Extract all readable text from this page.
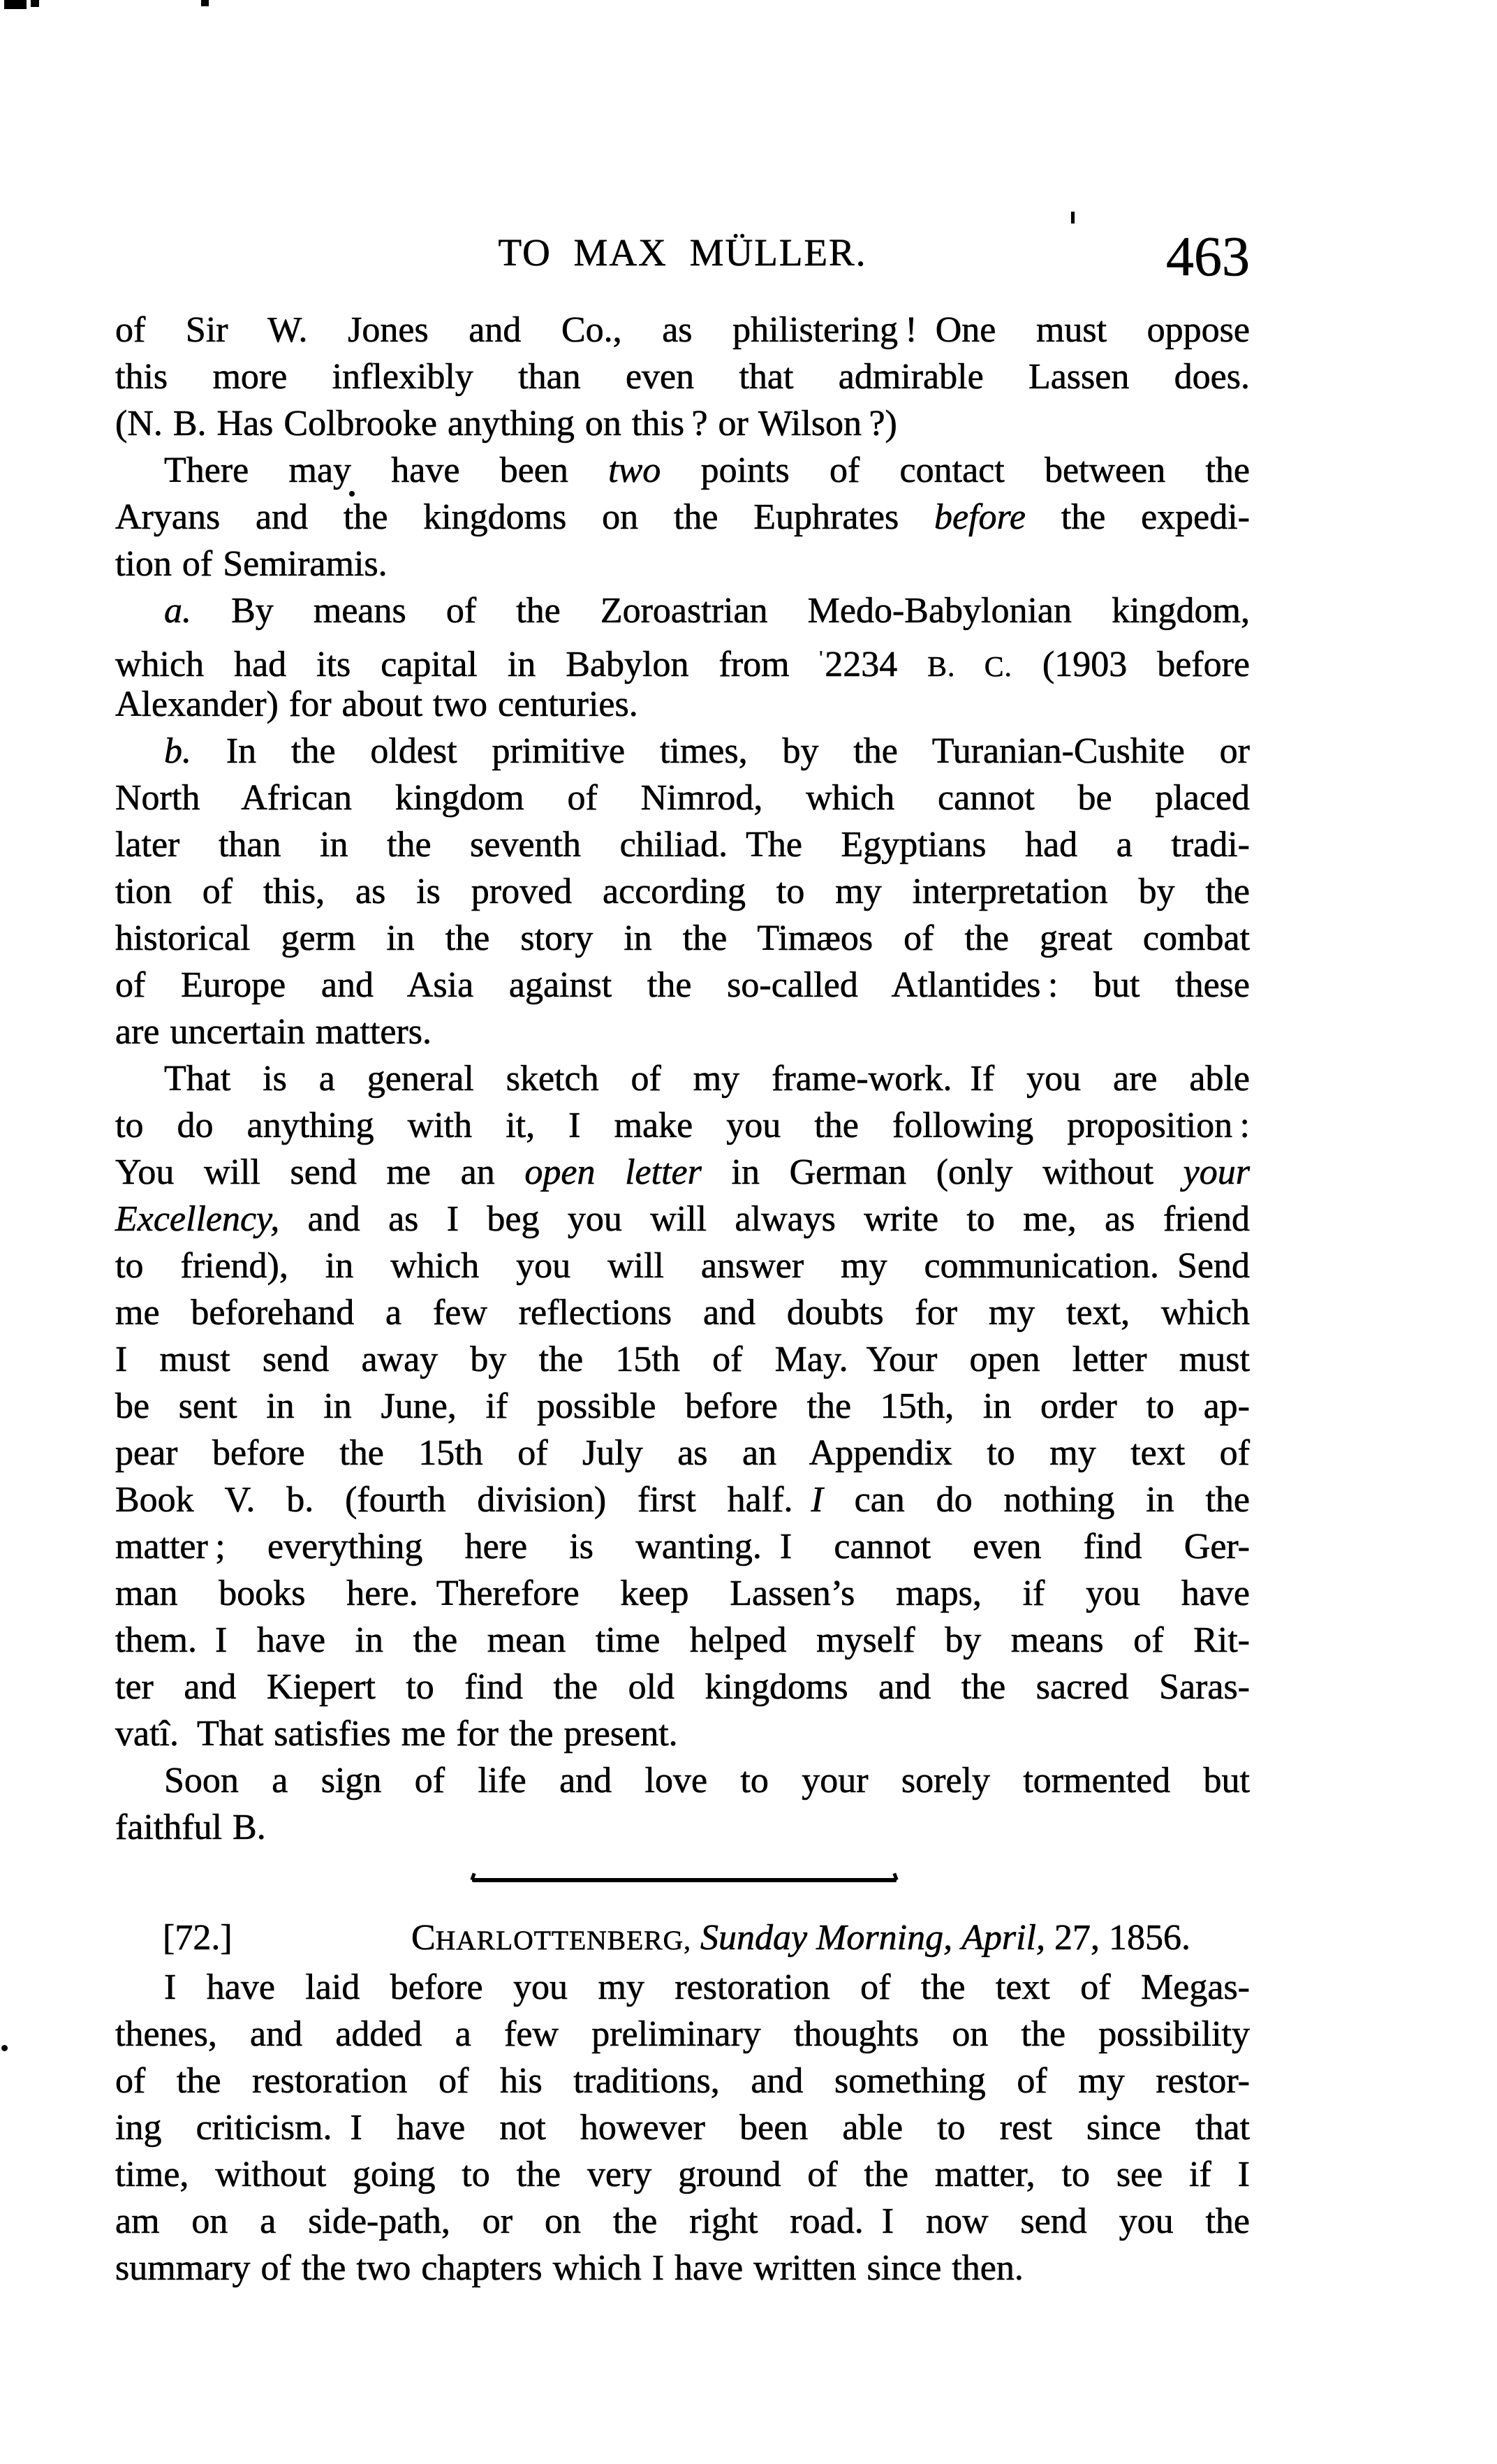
TO MAX MÜLLER.	463
of Sir W. Jones and Co., as philistering ! One must oppose
this more inflexibly than even that admirable Lassen does.
(N. B. Has Colbrooke anything on this ? or Wilson ?)
There may have been two points of contact between the
Aryans and the kingdoms on the Euphrates before the expedi-
tion of Semiramis.
a. By means of the Zoroastrian Medo-Babylonian kingdom,
which had its capital in Babylon from '2234 B. C. (1903 before
Alexander) for about two centuries.
b. In the oldest primitive times, by the Turanian-Cushite or
North African kingdom of Nimrod, which cannot be placed
later than in the seventh chiliad. The Egyptians had a tradi-
tion of this, as is proved according to my interpretation by the
historical germ in the story in the Timæos of the great combat
of Europe and Asia against the so-called Atlantides : but these
are uncertain matters.
That is a general sketch of my frame-work. If you are able
to do anything with it, I make you the following proposition :
You will send me an open letter in German (only without your
Excellency, and as I beg you will always write to me, as friend
to friend), in which you will answer my communication. Send
me beforehand a few reflections and doubts for my text, which
I must send away by the 15th of May. Your open letter must
be sent in in June, if possible before the 15th, in order to ap-
pear before the 15th of July as an Appendix to my text of
Book V. b. (fourth division) first half. I can do nothing in the
matter ; everything here is wanting. I cannot even find Ger-
man books here. Therefore keep Lassen’s maps, if you have
them. I have in the mean time helped myself by means of Rit-
ter and Kiepert to find the old kingdoms and the sacred Saras-
vatî. That satisfies me for the present.
Soon a sign of life and love to your sorely tormented but
faithful B.
[72.]	CHARLOTTENBERG, Sunday Morning, April, 27, 1856.
I have laid before you my restoration of the text of Megas-
thenes, and added a few preliminary thoughts on the possibility
of the restoration of his traditions, and something of my restor-
ing criticism. I have not however been able to rest since that
time, without going to the very ground of the matter, to see if I
am on a side-path, or on the right road. I now send you the
summary of the two chapters which I have written since then.
